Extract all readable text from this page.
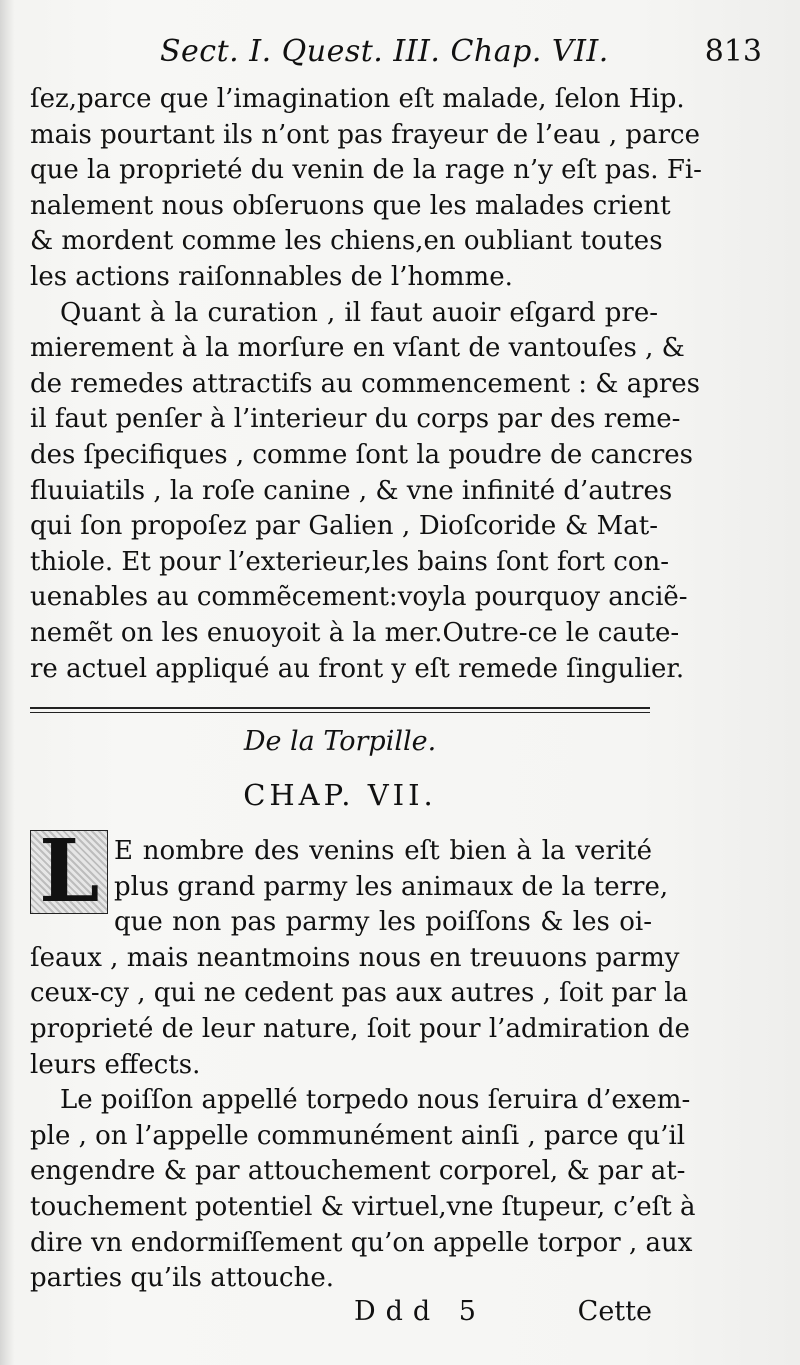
Sect. I. Quest. III. Chap. VII.	813
ſez,parce que l’imagination eſt malade, ſelon Hip.
mais pourtant ils n’ont pas frayeur de l’eau , parce
que la proprieté du venin de la rage n’y eſt pas. Fi-
nalement nous obſeruons que les malades crient
& mordent comme les chiens,en oubliant toutes
les actions raiſonnables de l’homme.
Quant à la curation , il faut auoir eſgard pre-
mierement à la morſure en vſant de vantouſes , &
de remedes attractifs au commencement : & apres
il faut penſer à l’interieur du corps par des reme-
des ſpecifiques , comme ſont la poudre de cancres
fluuiatils , la roſe canine , & vne infinité d’autres
qui ſon propoſez par Galien , Dioſcoride & Mat-
thiole. Et pour l’exterieur,les bains ſont fort con-
uenables au commẽcement:voyla pourquoy anciẽ-
nemẽt on les enuoyoit à la mer.Outre-ce le caute-
re actuel appliqué au front y eſt remede ſingulier.
De la Torpille.
CHAP. VII.
L E nombre des venins eſt bien à la verité
plus grand parmy les animaux de la terre,
que non pas parmy les poiſſons & les oi-
ſeaux , mais neantmoins nous en treuuons parmy
ceux-cy , qui ne cedent pas aux autres , ſoit par la
proprieté de leur nature, ſoit pour l’admiration de
leurs effects.
Le poiſſon appellé torpedo nous ſeruira d’exem-
ple , on l’appelle communément ainſi , parce qu’il
engendre & par attouchement corporel, & par at-
touchement potentiel & virtuel,vne ſtupeur, c’eſt à
dire vn endormiſſement qu’on appelle torpor , aux
parties qu’ils attouche.
Ddd 5	Cette
